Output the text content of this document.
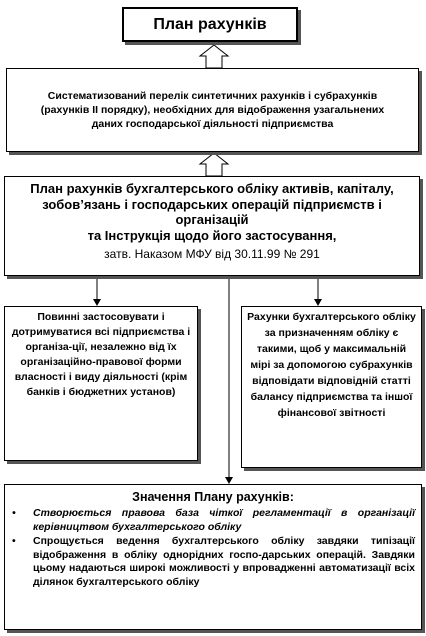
План рахунків
Систематизований перелік синтетичних рахунків і субрахунків (рахунків ІІ порядку), необхідних для відображення узагальнених даних господарської діяльності підприємства
План рахунків бухгалтерського обліку активів, капіталу, зобов’язань і господарських операцій підприємств і організацій
та Інструкція щодо його застосування,
затв. Наказом МФУ від 30.11.99 № 291
Повинні застосовувати і дотримуватися всі підприємства і організа-ції, незалежно від їх організаційно-правової форми власності і виду діяльності (крім банків і бюджетних установ)
Рахунки бухгалтерського обліку за призначенням обліку є такими, щоб у максимальній мірі за допомогою субрахунків відповідати відповідній статті балансу підприємства та іншої фінансової звітності
Значення Плану рахунків:
• Створюється правова база чіткої регламентації в організації керівництвом бухгалтерського обліку
• Спрощується ведення бухгалтерського обліку завдяки типізації відображення в обліку однорідних госпо-дарських операцій. Завдяки цьому надаються широкі можливості у впровадженні автоматизації всіх ділянок бухгалтерського обліку
